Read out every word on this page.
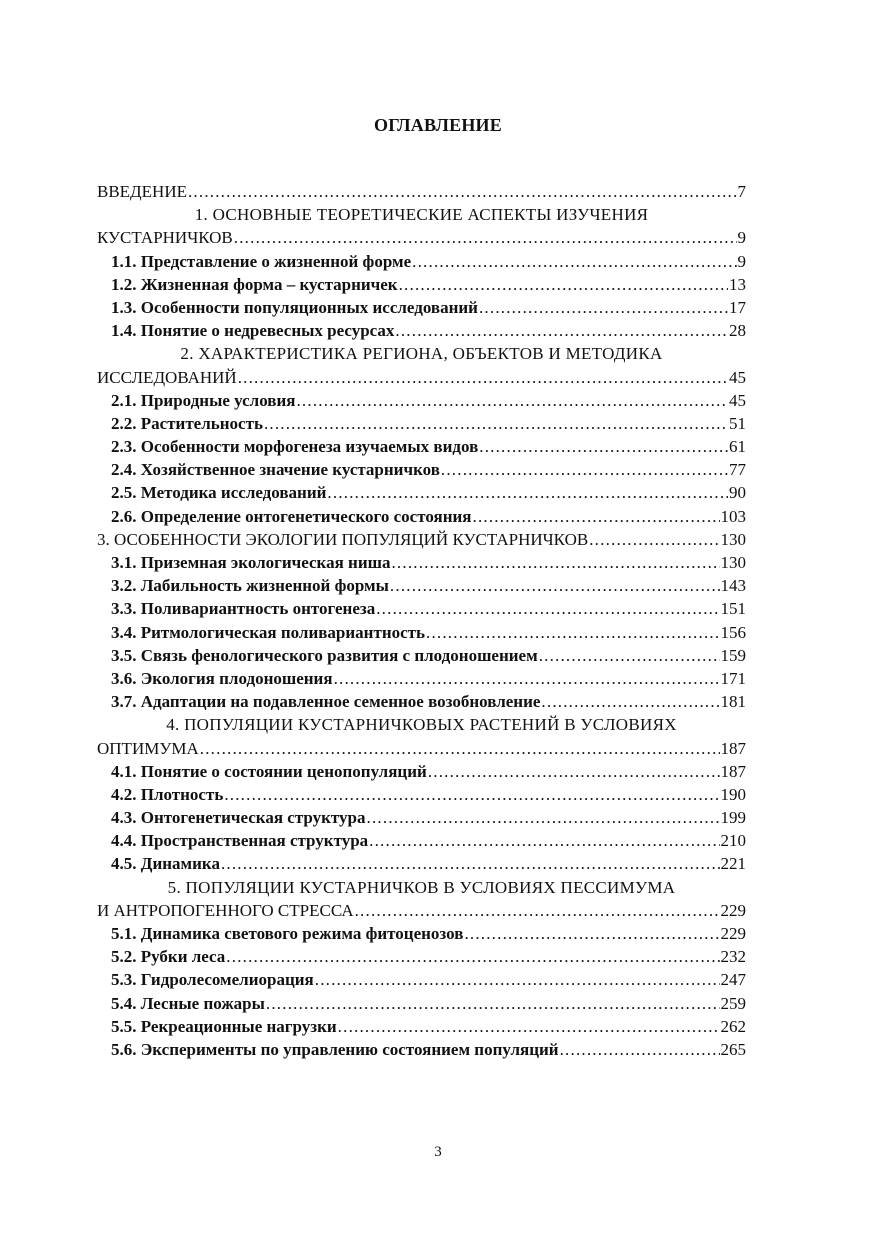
ОГЛАВЛЕНИЕ
ВВЕДЕНИЕ .....	7
1. ОСНОВНЫЕ ТЕОРЕТИЧЕСКИЕ АСПЕКТЫ ИЗУЧЕНИЯ
КУСТАРНИЧКОВ .....	9
1.1. Представление о жизненной форме .....	9
1.2. Жизненная форма – кустарничек .....	13
1.3. Особенности популяционных исследований .....	17
1.4. Понятие о недревесных ресурсах .....	28
2. ХАРАКТЕРИСТИКА РЕГИОНА, ОБЪЕКТОВ И МЕТОДИКА
ИССЛЕДОВАНИЙ .....	45
2.1. Природные условия .....	45
2.2. Растительность .....	51
2.3. Особенности морфогенеза изучаемых видов .....	61
2.4. Хозяйственное значение кустарничков .....	77
2.5. Методика исследований .....	90
2.6. Определение онтогенетического состояния .....	103
3. ОСОБЕННОСТИ ЭКОЛОГИИ ПОПУЛЯЦИЙ КУСТАРНИЧКОВ .....	130
3.1. Приземная экологическая ниша .....	130
3.2. Лабильность жизненной формы .....	143
3.3. Поливариантность онтогенеза .....	151
3.4. Ритмологическая поливариантность .....	156
3.5. Связь фенологического развития с плодоношением .....	159
3.6. Экология плодоношения .....	171
3.7. Адаптации на подавленное семенное возобновление .....	181
4. ПОПУЛЯЦИИ КУСТАРНИЧКОВЫХ РАСТЕНИЙ В УСЛОВИЯХ
ОПТИМУМА .....	187
4.1. Понятие о состоянии ценопопуляций .....	187
4.2. Плотность .....	190
4.3. Онтогенетическая структура .....	199
4.4. Пространственная структура .....	210
4.5. Динамика .....	221
5. ПОПУЛЯЦИИ КУСТАРНИЧКОВ В УСЛОВИЯХ ПЕССИМУМА
И АНТРОПОГЕННОГО СТРЕССА .....	229
5.1. Динамика светового режима фитоценозов .....	229
5.2. Рубки леса .....	232
5.3. Гидролесомелиорация .....	247
5.4. Лесные пожары .....	259
5.5. Рекреационные нагрузки .....	262
5.6. Эксперименты по управлению состоянием популяций .....	265
3
